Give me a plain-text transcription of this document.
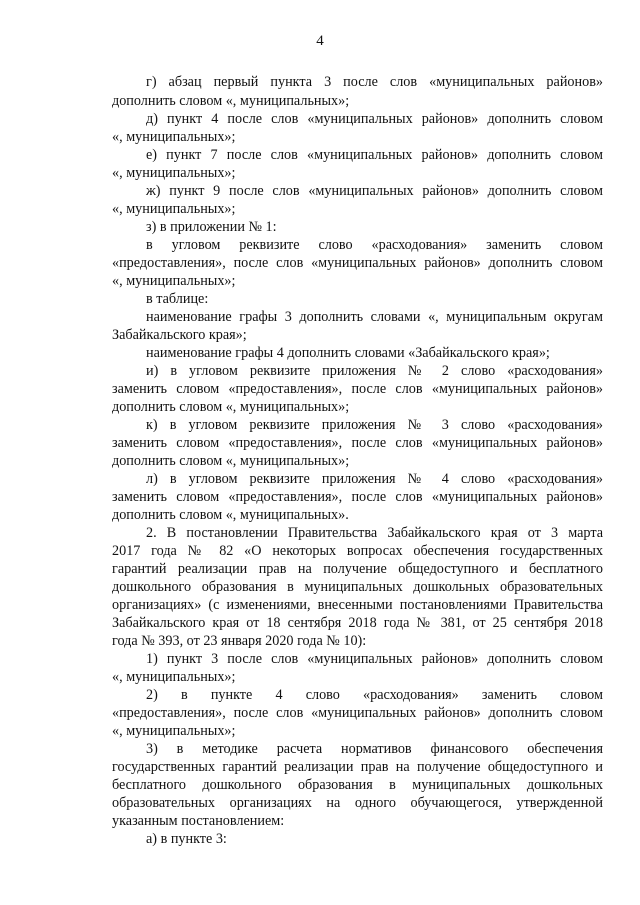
4
г) абзац первый пункта 3 после слов «муниципальных районов»
дополнить словом «, муниципальных»;
д) пункт 4 после слов «муниципальных районов» дополнить словом
«, муниципальных»;
е) пункт 7 после слов «муниципальных районов» дополнить словом
«, муниципальных»;
ж) пункт 9 после слов «муниципальных районов» дополнить словом
«, муниципальных»;
з) в приложении № 1:
в угловом реквизите слово «расходования» заменить словом
«предоставления», после слов «муниципальных районов» дополнить словом
«, муниципальных»;
в таблице:
наименование графы 3 дополнить словами «, муниципальным округам
Забайкальского края»;
наименование графы 4 дополнить словами «Забайкальского края»;
и) в угловом реквизите приложения № 2 слово «расходования»
заменить словом «предоставления», после слов «муниципальных районов»
дополнить словом «, муниципальных»;
к) в угловом реквизите приложения № 3 слово «расходования»
заменить словом «предоставления», после слов «муниципальных районов»
дополнить словом «, муниципальных»;
л) в угловом реквизите приложения № 4 слово «расходования»
заменить словом «предоставления», после слов «муниципальных районов»
дополнить словом «, муниципальных».
2. В постановлении Правительства Забайкальского края от 3 марта
2017 года № 82 «О некоторых вопросах обеспечения государственных
гарантий реализации прав на получение общедоступного и бесплатного
дошкольного образования в муниципальных дошкольных образовательных
организациях» (с изменениями, внесенными постановлениями Правительства
Забайкальского края от 18 сентября 2018 года № 381, от 25 сентября 2018
года № 393, от 23 января 2020 года № 10):
1) пункт 3 после слов «муниципальных районов» дополнить словом
«, муниципальных»;
2) в пункте 4 слово «расходования» заменить словом
«предоставления», после слов «муниципальных районов» дополнить словом
«, муниципальных»;
3) в методике расчета нормативов финансового обеспечения
государственных гарантий реализации прав на получение общедоступного и
бесплатного дошкольного образования в муниципальных дошкольных
образовательных организациях на одного обучающегося, утвержденной
указанным постановлением:
а) в пункте 3:
